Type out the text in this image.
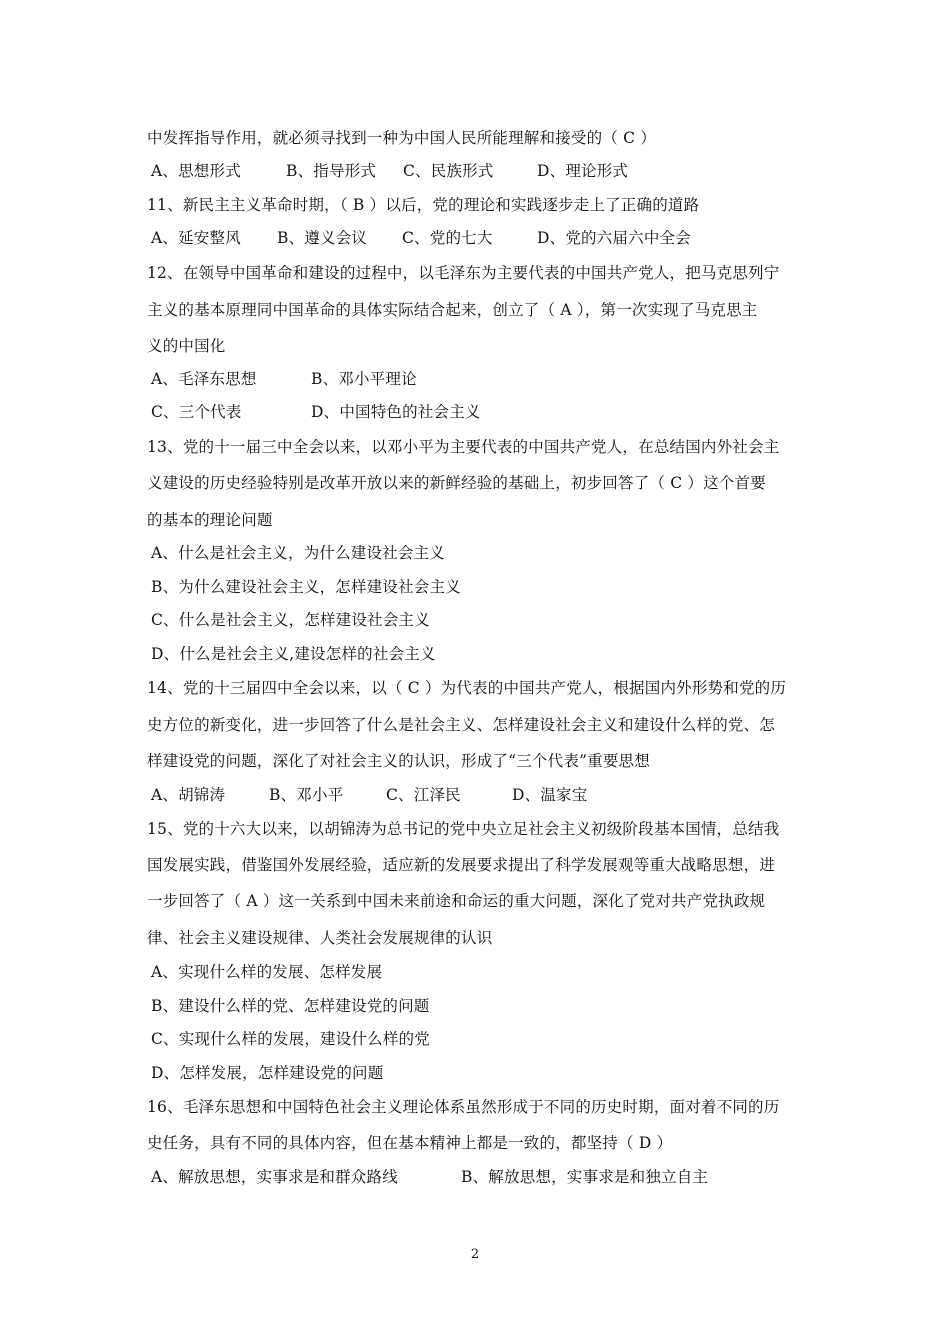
中发挥指导作用，就必须寻找到一种为中国人民所能理解和接受的（ C ）
A、思想形式	B、指导形式 C、民族形式	D、理论形式
11、新民主主义革命时期，（ B ）以后，党的理论和实践逐步走上了正确的道路
A、延安整风 B、遵义会议 C、党的七大	D、党的六届六中全会
12、在领导中国革命和建设的过程中，以毛泽东为主要代表的中国共产党人，把马克思列宁
主义的基本原理同中国革命的具体实际结合起来，创立了（ A ），第一次实现了马克思主
义的中国化
A、毛泽东思想	B、邓小平理论
C、三个代表	D、中国特色的社会主义
13、党的十一届三中全会以来，以邓小平为主要代表的中国共产党人，在总结国内外社会主
义建设的历史经验特别是改革开放以来的新鲜经验的基础上，初步回答了（ C ）这个首要
的基本的理论问题
A、什么是社会主义，为什么建设社会主义
B、为什么建设社会主义，怎样建设社会主义
C、什么是社会主义，怎样建设社会主义
D、什么是社会主义,建设怎样的社会主义
14、党的十三届四中全会以来，以（ C ）为代表的中国共产党人，根据国内外形势和党的历
史方位的新变化，进一步回答了什么是社会主义、怎样建设社会主义和建设什么样的党、怎
样建设党的问题，深化了对社会主义的认识，形成了“三个代表”重要思想
A、胡锦涛	B、邓小平	C、江泽民	D、温家宝
15、党的十六大以来，以胡锦涛为总书记的党中央立足社会主义初级阶段基本国情，总结我
国发展实践，借鉴国外发展经验，适应新的发展要求提出了科学发展观等重大战略思想，进
一步回答了（ A ）这一关系到中国未来前途和命运的重大问题，深化了党对共产党执政规
律、社会主义建设规律、人类社会发展规律的认识
A、实现什么样的发展、怎样发展
B、建设什么样的党、怎样建设党的问题
C、实现什么样的发展，建设什么样的党
D、怎样发展，怎样建设党的问题
16、毛泽东思想和中国特色社会主义理论体系虽然形成于不同的历史时期，面对着不同的历
史任务，具有不同的具体内容，但在基本精神上都是一致的，都坚持（ D ）
A、解放思想，实事求是和群众路线	B、解放思想，实事求是和独立自主
2
